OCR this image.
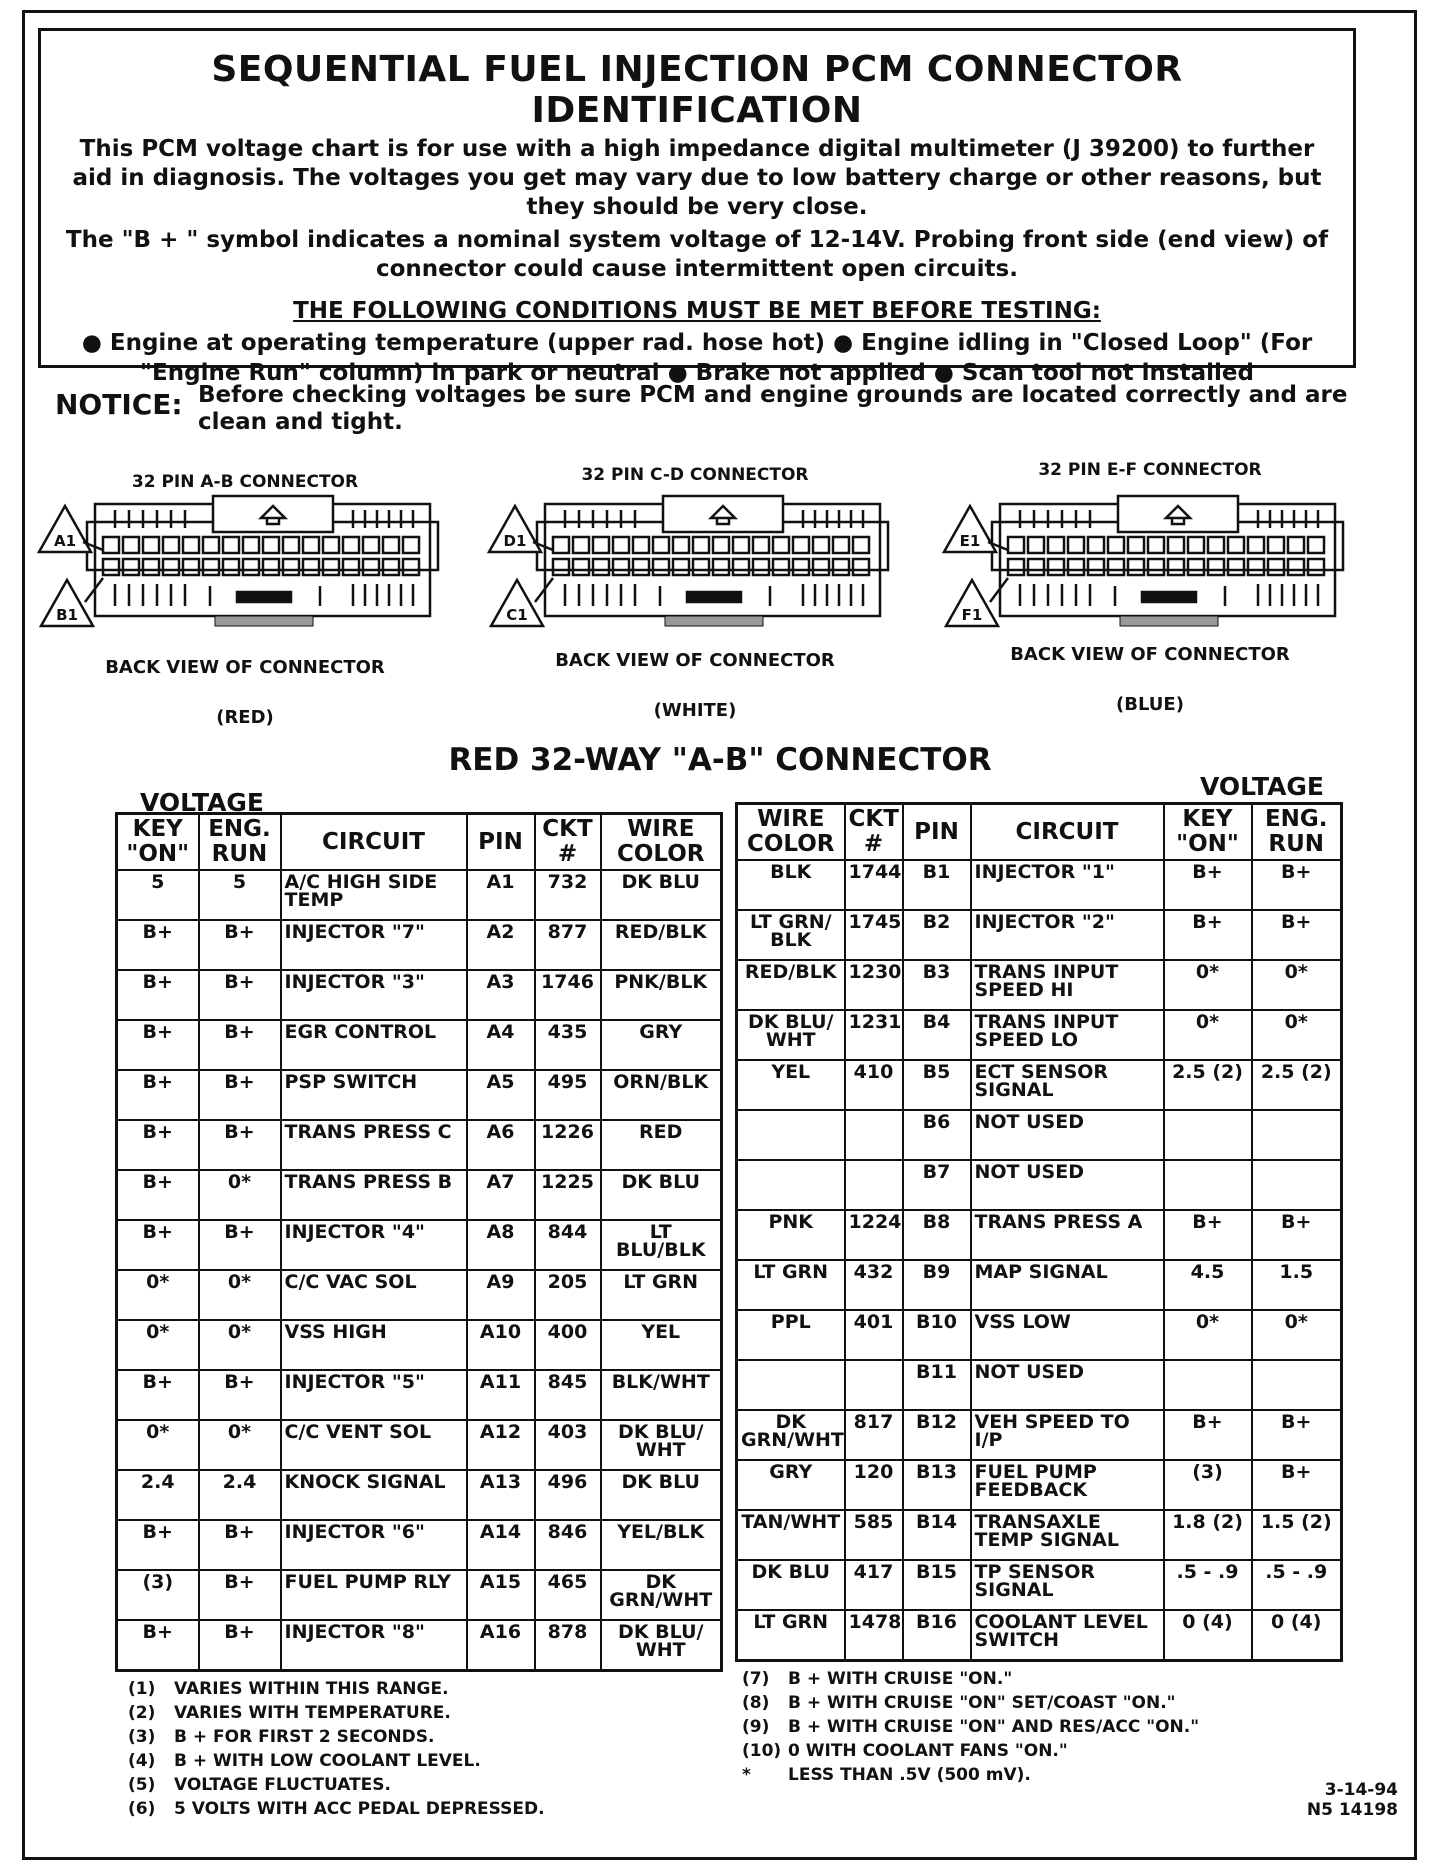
SEQUENTIAL FUEL INJECTION PCM CONNECTOR IDENTIFICATION
This PCM voltage chart is for use with a high impedance digital multimeter (J 39200) to further aid in diagnosis. The voltages you get may vary due to low battery charge or other reasons, but they should be very close.
The "B + " symbol indicates a nominal system voltage of 12-14V. Probing front side (end view) of connector could cause intermittent open circuits.
THE FOLLOWING CONDITIONS MUST BE MET BEFORE TESTING:
● Engine at operating temperature (upper rad. hose hot) ● Engine idling in "Closed Loop" (For "Engine Run" column) in park or neutral ● Brake not applied ● Scan tool not installed
NOTICE: Before checking voltages be sure PCM and engine grounds are located correctly and are clean and tight.
32 PIN A-B CONNECTOR
A1
B1
BACK VIEW OF CONNECTOR
(RED)
32 PIN C-D CONNECTOR
D1
C1
BACK VIEW OF CONNECTOR
(WHITE)
32 PIN E-F CONNECTOR
E1
F1
BACK VIEW OF CONNECTOR
(BLUE)
RED 32-WAY "A-B" CONNECTOR
VOLTAGE
VOLTAGE
KEY "ON"	ENG. RUN	CIRCUIT	PIN	CKT #	WIRE COLOR
5	5	A/C HIGH SIDE TEMP	A1	732	DK BLU
B+	B+	INJECTOR "7"	A2	877	RED/BLK
B+	B+	INJECTOR "3"	A3	1746	PNK/BLK
B+	B+	EGR CONTROL	A4	435	GRY
B+	B+	PSP SWITCH	A5	495	ORN/BLK
B+	B+	TRANS PRESS C	A6	1226	RED
B+	0*	TRANS PRESS B	A7	1225	DK BLU
B+	B+	INJECTOR "4"	A8	844	LT BLU/BLK
0*	0*	C/C VAC SOL	A9	205	LT GRN
0*	0*	VSS HIGH	A10	400	YEL
B+	B+	INJECTOR "5"	A11	845	BLK/WHT
0*	0*	C/C VENT SOL	A12	403	DK BLU/ WHT
2.4	2.4	KNOCK SIGNAL	A13	496	DK BLU
B+	B+	INJECTOR "6"	A14	846	YEL/BLK
(3)	B+	FUEL PUMP RLY	A15	465	DK GRN/WHT
B+	B+	INJECTOR "8"	A16	878	DK BLU/ WHT
WIRE COLOR	CKT #	PIN	CIRCUIT	KEY "ON"	ENG. RUN
BLK	1744	B1	INJECTOR "1"	B+	B+
LT GRN/ BLK	1745	B2	INJECTOR "2"	B+	B+
RED/BLK	1230	B3	TRANS INPUT SPEED HI	0*	0*
DK BLU/ WHT	1231	B4	TRANS INPUT SPEED LO	0*	0*
YEL	410	B5	ECT SENSOR SIGNAL	2.5 (2)	2.5 (2)
		B6	NOT USED		
		B7	NOT USED		
PNK	1224	B8	TRANS PRESS A	B+	B+
LT GRN	432	B9	MAP SIGNAL	4.5	1.5
PPL	401	B10	VSS LOW	0*	0*
		B11	NOT USED		
DK GRN/WHT	817	B12	VEH SPEED TO I/P	B+	B+
GRY	120	B13	FUEL PUMP FEEDBACK	(3)	B+
TAN/WHT	585	B14	TRANSAXLE TEMP SIGNAL	1.8 (2)	1.5 (2)
DK BLU	417	B15	TP SENSOR SIGNAL	.5 - .9	.5 - .9
LT GRN	1478	B16	COOLANT LEVEL SWITCH	0 (4)	0 (4)
(1) VARIES WITHIN THIS RANGE.
(2) VARIES WITH TEMPERATURE.
(3) B + FOR FIRST 2 SECONDS.
(4) B + WITH LOW COOLANT LEVEL.
(5) VOLTAGE FLUCTUATES.
(6) 5 VOLTS WITH ACC PEDAL DEPRESSED.
(7) B + WITH CRUISE "ON."
(8) B + WITH CRUISE "ON" SET/COAST "ON."
(9) B + WITH CRUISE "ON" AND RES/ACC "ON."
(10) 0 WITH COOLANT FANS "ON."
* LESS THAN .5V (500 mV).
3-14-94
N5 14198
